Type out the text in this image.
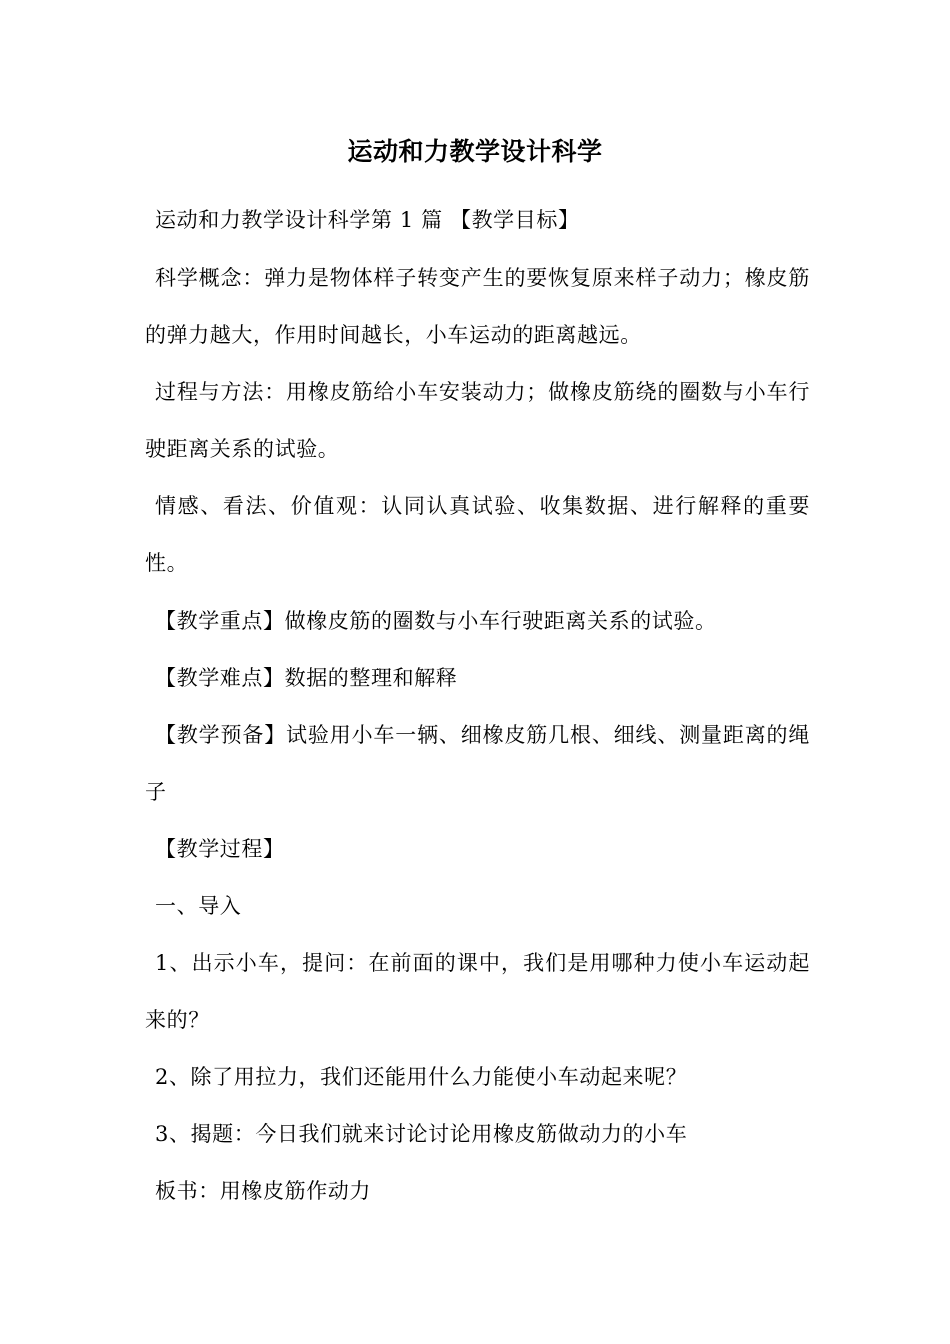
运动和力教学设计科学
运动和力教学设计科学第 1 篇 【教学目标】
科学概念：弹力是物体样子转变产生的要恢复原来样子动力；橡皮筋的弹力越大，作用时间越长，小车运动的距离越远。
过程与方法：用橡皮筋给小车安装动力；做橡皮筋绕的圈数与小车行驶距离关系的试验。
情感、看法、价值观：认同认真试验、收集数据、进行解释的重要性。
【教学重点】做橡皮筋的圈数与小车行驶距离关系的试验。
【教学难点】数据的整理和解释
【教学预备】试验用小车一辆、细橡皮筋几根、细线、测量距离的绳子
【教学过程】
一、导入
1、出示小车，提问：在前面的课中，我们是用哪种力使小车运动起来的？
2、除了用拉力，我们还能用什么力能使小车动起来呢？
3、揭题：今日我们就来讨论讨论用橡皮筋做动力的小车
板书：用橡皮筋作动力
